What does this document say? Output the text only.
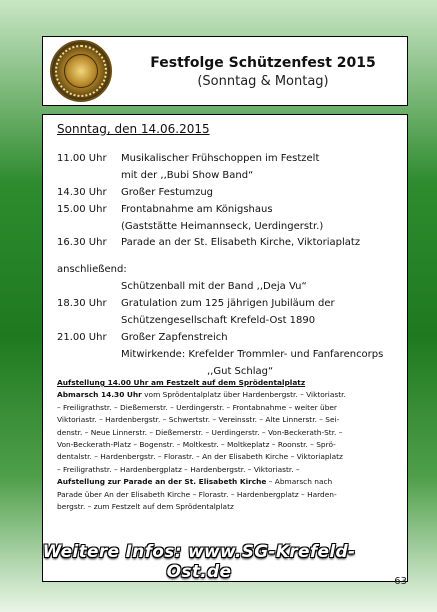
Festfolge Schützenfest 2015
(Sonntag & Montag)
Sonntag, den 14.06.2015
11.00 Uhr Musikalischer Frühschoppen im Festzelt
mit der ,,Bubi Show Band“
14.30 Uhr Großer Festumzug
15.00 Uhr Frontabnahme am Königshaus
(Gaststätte Heimannseck, Uerdingerstr.)
16.30 Uhr Parade an der St. Elisabeth Kirche, Viktoriaplatz
anschließend:
Schützenball mit der Band ,,Deja Vu“
18.30 Uhr Gratulation zum 125 jährigen Jubiläum der
Schützengesellschaft Krefeld-Ost 1890
21.00 Uhr Großer Zapfenstreich
Mitwirkende: Krefelder Trommler- und Fanfarencorps
,,Gut Schlag“
Aufstellung 14.00 Uhr am Festzelt auf dem Sprödentalplatz
Abmarsch 14.30 Uhr vom Sprödentalplatz über Hardenbergstr. – Viktoriastr.
– Freiligrathstr. – Dießemerstr. – Uerdingerstr. – Frontabnahme – weiter über
Viktoriastr. – Hardenbergstr. – Schwertstr. – Vereinsstr. – Alte Linnerstr. – Sei-
denstr. – Neue Linnerstr. – Dießemerstr. – Uerdingerstr. – Von-Beckerath-Str. –
Von-Beckerath-Platz – Bogenstr. – Moltkestr. – Moltkeplatz – Roonstr. – Sprö-
dentalstr. – Hardenbergstr. – Florastr. – An der Elisabeth Kirche – Viktoriaplatz
– Freiligrathstr. – Hardenbergplatz – Hardenbergstr. – Viktoriastr. –
Aufstellung zur Parade an der St. Elisabeth Kirche – Abmarsch nach
Parade über An der Elisabeth Kirche – Florastr. – Hardenbergplatz – Harden-
bergstr. – zum Festzelt auf dem Sprödentalplatz
Weitere Infos: www.SG-Krefeld-Ost.de	63
